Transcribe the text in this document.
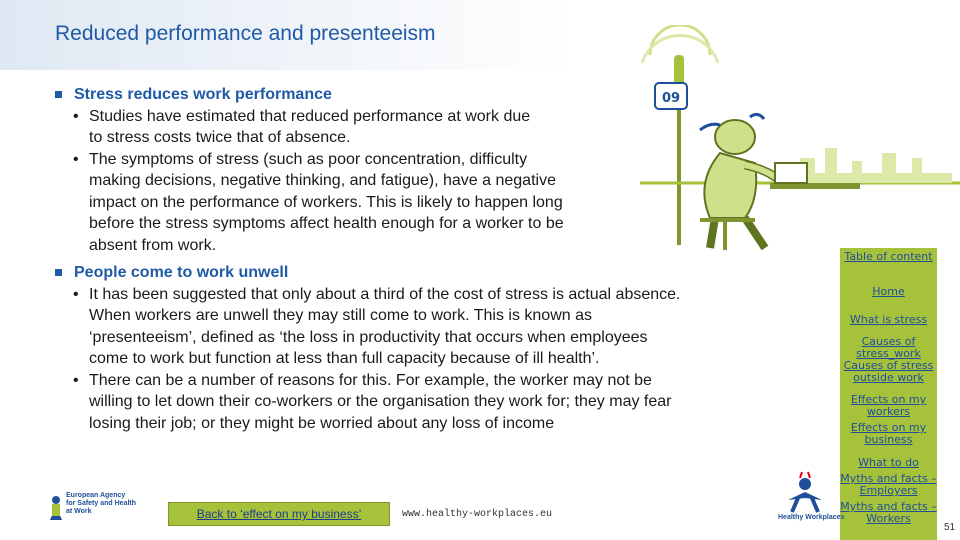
Reduced performance and presenteeism
Stress reduces work performance
• Studies have estimated that reduced performance at work due
to stress costs twice that of absence.
• The symptoms of stress (such as poor concentration, difficulty
making decisions, negative thinking, and fatigue), have a negative
impact on the performance of workers. This is likely to happen long
before the stress symptoms affect health enough for a worker to be
absent from work.
People come to work unwell
• It has been suggested that only about a third of the cost of stress is actual absence.
When workers are unwell they may still come to work. This is known as
‘presenteeism’, defined as ‘the loss in productivity that occurs when employees
come to work but function at less than full capacity because of ill health’.
• There can be a number of reasons for this. For example, the worker may not be
willing to let down their co-workers or the organisation they work for; they may fear
losing their job; or they might be worried about any loss of income
09
Table of content
Home
What is stress
Causes of stress_work
Causes of stress outside work
Effects on my workers
Effects on my business
What to do
Myths and facts – Employers
Myths and facts – Workers
European Agency for Safety and Health at Work	Back to ‘effect on my business’	www.healthy-workplaces.eu	Healthy Workplaces
51
